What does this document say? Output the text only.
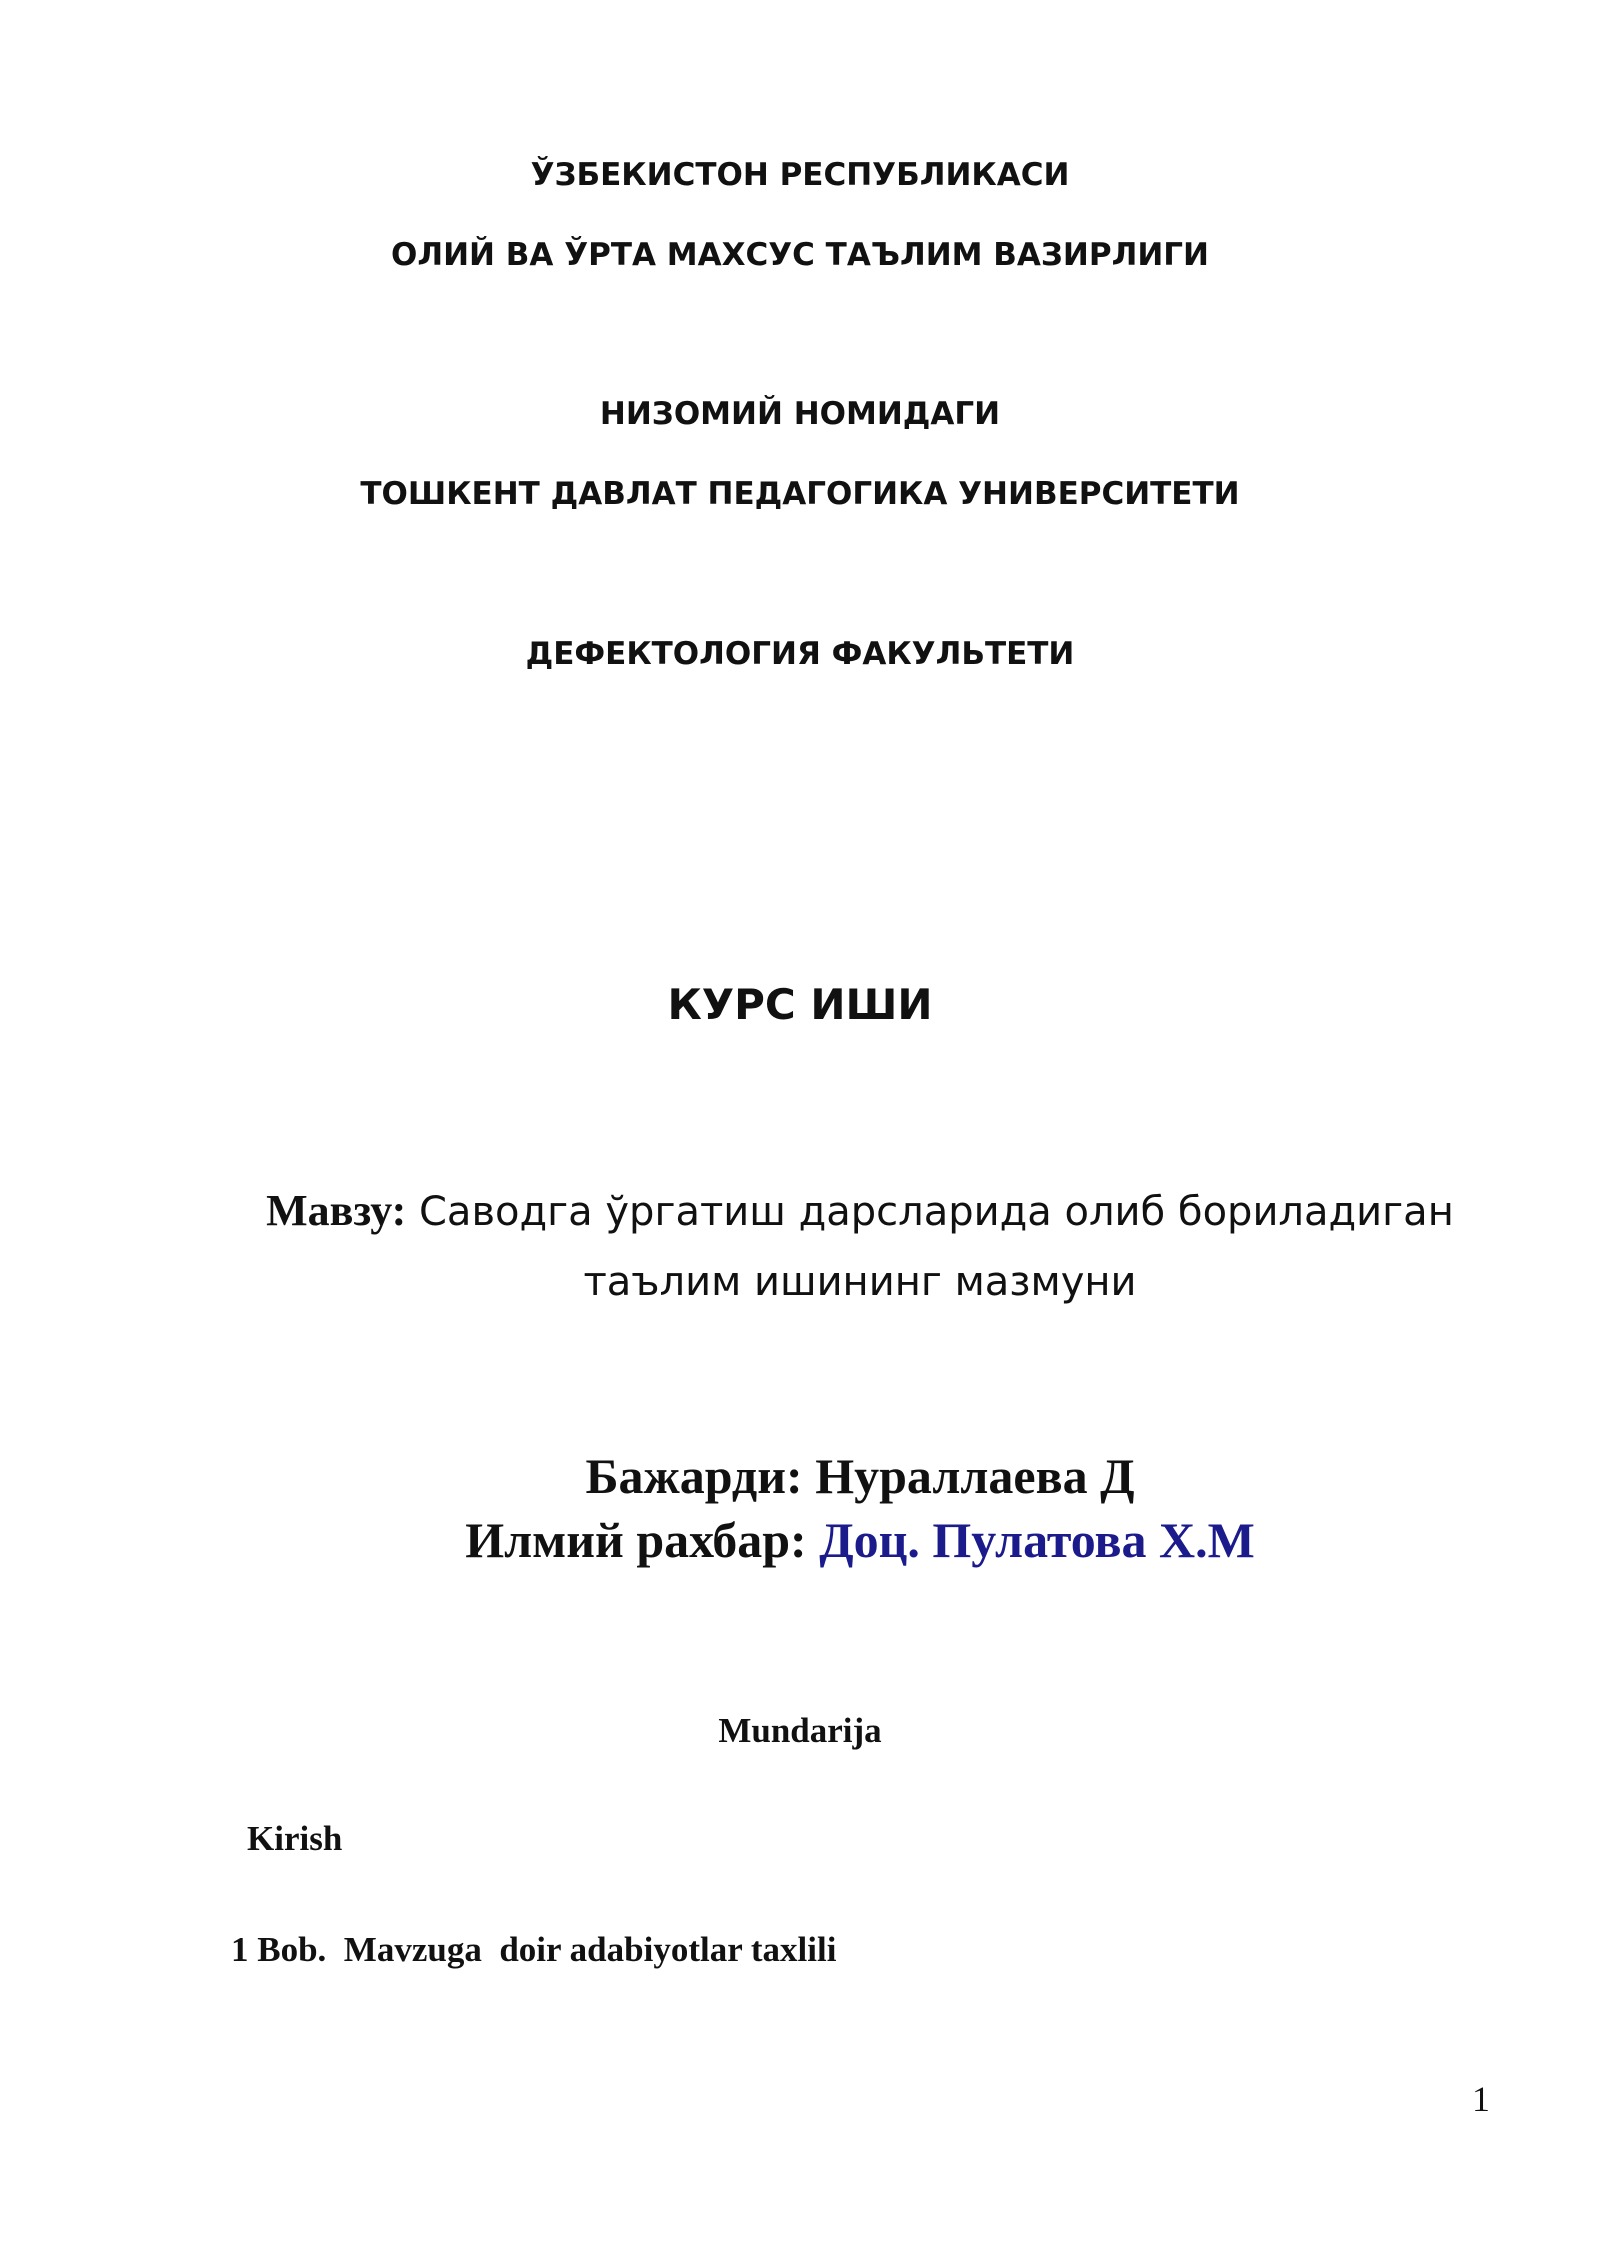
ЎЗБЕКИСТОН РЕСПУБЛИКАСИ
ОЛИЙ ВА ЎРТА МАХСУС ТАЪЛИМ ВАЗИРЛИГИ
НИЗОМИЙ НОМИДАГИ
ТОШКЕНТ ДАВЛАТ ПЕДАГОГИКА УНИВЕРСИТЕТИ
ДЕФЕКТОЛОГИЯ ФАКУЛЬТЕТИ
КУРС ИШИ
Мавзу: Саводга ўргатиш дарсларида олиб бориладиган
таълим ишининг мазмуни
Бажарди: Нураллаева Д
Илмий рахбар: Доц. Пулатова Х.М
Mundarija
Kirish
1 Bob.  Mavzuga  doir adabiyotlar taxlili
1
